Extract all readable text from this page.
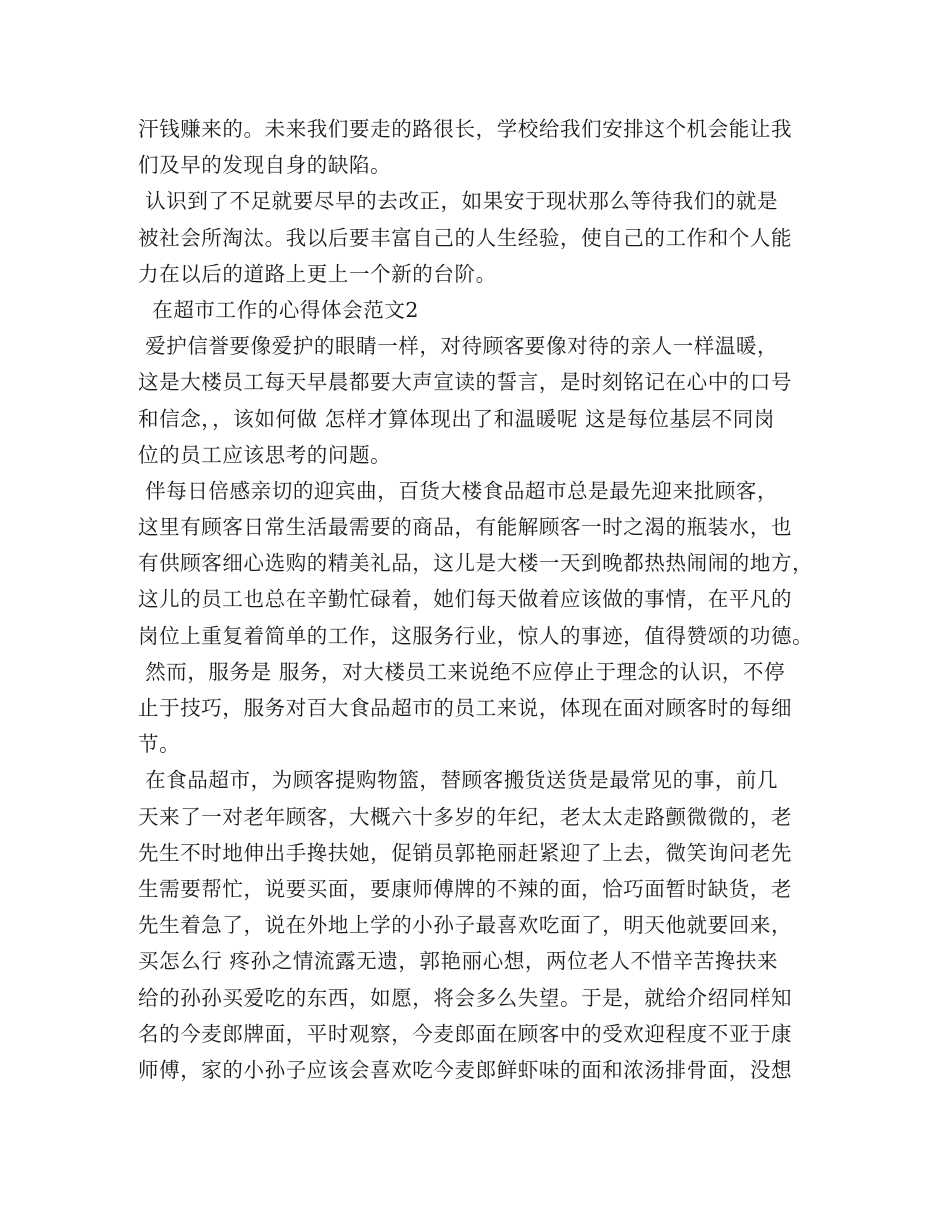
汗钱赚来的。未来我们要走的路很长，学校给我们安排这个机会能让我
们及早的发现自身的缺陷。
认识到了不足就要尽早的去改正，如果安于现状那么等待我们的就是
被社会所淘汰。我以后要丰富自己的人生经验，使自己的工作和个人能
力在以后的道路上更上一个新的台阶。
在超市工作的心得体会范文2
爱护信誉要像爱护的眼睛一样，对待顾客要像对待的亲人一样温暖，
这是大楼员工每天早晨都要大声宣读的誓言，是时刻铭记在心中的口号
和信念，，该如何做 怎样才算体现出了和温暖呢 这是每位基层不同岗
位的员工应该思考的问题。
伴每日倍感亲切的迎宾曲，百货大楼食品超市总是最先迎来批顾客，
这里有顾客日常生活最需要的商品，有能解顾客一时之渴的瓶装水，也
有供顾客细心选购的精美礼品，这儿是大楼一天到晚都热热闹闹的地方，
这儿的员工也总在辛勤忙碌着，她们每天做着应该做的事情，在平凡的
岗位上重复着简单的工作，这服务行业，惊人的事迹，值得赞颂的功德。
然而，服务是 服务，对大楼员工来说绝不应停止于理念的认识，不停
止于技巧，服务对百大食品超市的员工来说，体现在面对顾客时的每细
节。
在食品超市，为顾客提购物篮，替顾客搬货送货是最常见的事，前几
天来了一对老年顾客，大概六十多岁的年纪，老太太走路颤微微的，老
先生不时地伸出手搀扶她，促销员郭艳丽赶紧迎了上去，微笑询问老先
生需要帮忙，说要买面，要康师傅牌的不辣的面，恰巧面暂时缺货，老
先生着急了，说在外地上学的小孙子最喜欢吃面了，明天他就要回来，
买怎么行 疼孙之情流露无遗，郭艳丽心想，两位老人不惜辛苦搀扶来
给的孙孙买爱吃的东西，如愿，将会多么失望。于是，就给介绍同样知
名的今麦郎牌面，平时观察，今麦郎面在顾客中的受欢迎程度不亚于康
师傅，家的小孙子应该会喜欢吃今麦郎鲜虾味的面和浓汤排骨面，没想
